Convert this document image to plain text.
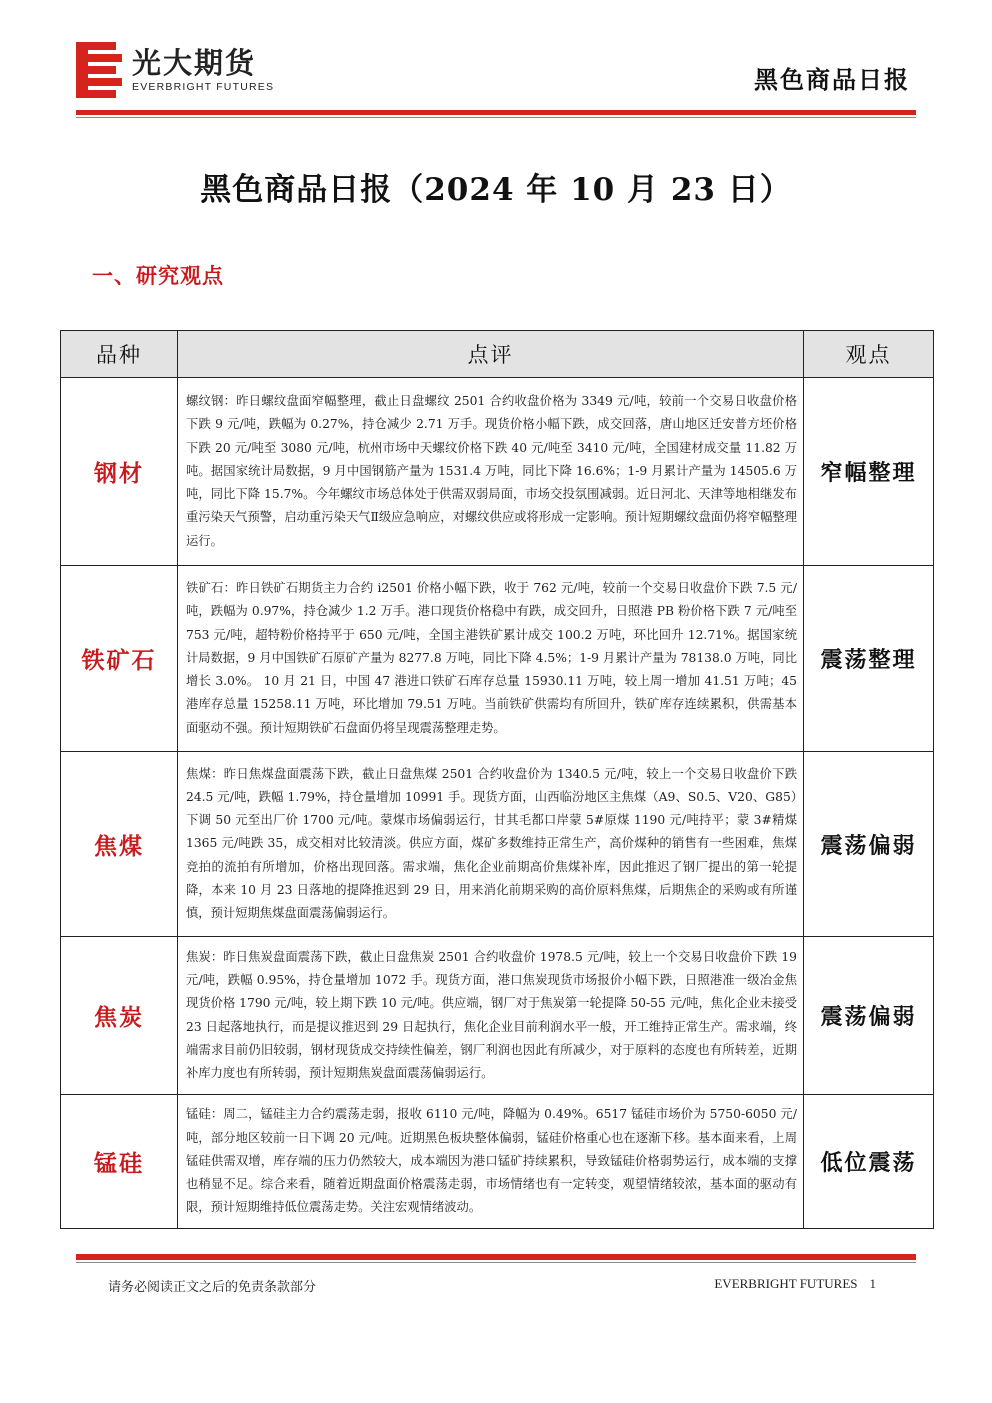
光大期货
EVERBRIGHT FUTURES	黑色商品日报
黑色商品日报（2024 年 10 月 23 日）
一、研究观点
品种	点评	观点
钢材	螺纹钢：昨日螺纹盘面窄幅整理，截止日盘螺纹 2501 合约收盘价格为 3349 元/吨，较前一个交易日收盘价格下跌 9 元/吨，跌幅为 0.27%，持仓减少 2.71 万手。现货价格小幅下跌，成交回落，唐山地区迁安普方坯价格下跌 20 元/吨至 3080 元/吨，杭州市场中天螺纹价格下跌 40 元/吨至 3410 元/吨，全国建材成交量 11.82 万吨。据国家统计局数据，9 月中国钢筋产量为 1531.4 万吨，同比下降 16.6%；1-9 月累计产量为 14505.6 万吨，同比下降 15.7%。今年螺纹市场总体处于供需双弱局面，市场交投氛围减弱。近日河北、天津等地相继发布重污染天气预警，启动重污染天气Ⅱ级应急响应，对螺纹供应或将形成一定影响。预计短期螺纹盘面仍将窄幅整理运行。	窄幅整理
铁矿石	铁矿石：昨日铁矿石期货主力合约 i2501 价格小幅下跌，收于 762 元/吨，较前一个交易日收盘价下跌 7.5 元/吨，跌幅为 0.97%，持仓减少 1.2 万手。港口现货价格稳中有跌，成交回升，日照港 PB 粉价格下跌 7 元/吨至 753 元/吨，超特粉价格持平于 650 元/吨，全国主港铁矿累计成交 100.2 万吨，环比回升 12.71%。据国家统计局数据，9 月中国铁矿石原矿产量为 8277.8 万吨，同比下降 4.5%；1-9 月累计产量为 78138.0 万吨，同比增长 3.0%。 10 月 21 日，中国 47 港进口铁矿石库存总量 15930.11 万吨，较上周一增加 41.51 万吨；45 港库存总量 15258.11 万吨，环比增加 79.51 万吨。当前铁矿供需均有所回升，铁矿库存连续累积，供需基本面驱动不强。预计短期铁矿石盘面仍将呈现震荡整理走势。	震荡整理
焦煤	焦煤：昨日焦煤盘面震荡下跌，截止日盘焦煤 2501 合约收盘价为 1340.5 元/吨，较上一个交易日收盘价下跌 24.5 元/吨，跌幅 1.79%，持仓量增加 10991 手。现货方面，山西临汾地区主焦煤（A9、S0.5、V20、G85）下调 50 元至出厂价 1700 元/吨。蒙煤市场偏弱运行，甘其毛都口岸蒙 5#原煤 1190 元/吨持平；蒙 3#精煤 1365 元/吨跌 35，成交相对比较清淡。供应方面，煤矿多数维持正常生产，高价煤种的销售有一些困难，焦煤竞拍的流拍有所增加，价格出现回落。需求端，焦化企业前期高价焦煤补库，因此推迟了钢厂提出的第一轮提降，本来 10 月 23 日落地的提降推迟到 29 日，用来消化前期采购的高价原料焦煤，后期焦企的采购或有所谨慎，预计短期焦煤盘面震荡偏弱运行。	震荡偏弱
焦炭	焦炭：昨日焦炭盘面震荡下跌，截止日盘焦炭 2501 合约收盘价 1978.5 元/吨，较上一个交易日收盘价下跌 19 元/吨，跌幅 0.95%，持仓量增加 1072 手。现货方面，港口焦炭现货市场报价小幅下跌，日照港准一级冶金焦现货价格 1790 元/吨，较上期下跌 10 元/吨。供应端，钢厂对于焦炭第一轮提降 50-55 元/吨，焦化企业未接受 23 日起落地执行，而是提议推迟到 29 日起执行，焦化企业目前利润水平一般，开工维持正常生产。需求端，终端需求目前仍旧较弱，钢材现货成交持续性偏差，钢厂利润也因此有所减少，对于原料的态度也有所转差，近期补库力度也有所转弱，预计短期焦炭盘面震荡偏弱运行。	震荡偏弱
锰硅	锰硅：周二，锰硅主力合约震荡走弱，报收 6110 元/吨，降幅为 0.49%。6517 锰硅市场价为 5750-6050 元/吨，部分地区较前一日下调 20 元/吨。近期黑色板块整体偏弱，锰硅价格重心也在逐渐下移。基本面来看，上周锰硅供需双增，库存端的压力仍然较大，成本端因为港口锰矿持续累积，导致锰硅价格弱势运行，成本端的支撑也稍显不足。综合来看，随着近期盘面价格震荡走弱，市场情绪也有一定转变，观望情绪较浓，基本面的驱动有限，预计短期维持低位震荡走势。关注宏观情绪波动。	低位震荡
请务必阅读正文之后的免责条款部分	EVERBRIGHT FUTURES 1
